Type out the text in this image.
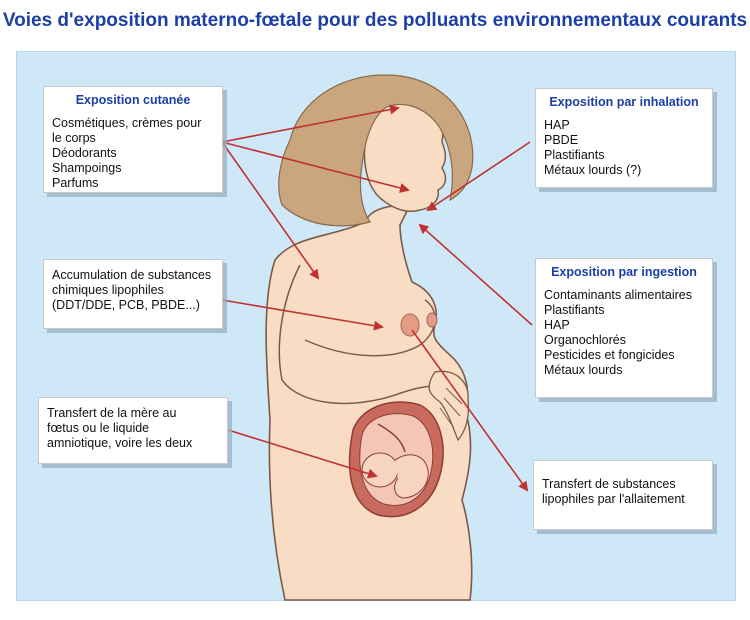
Voies d'exposition materno-fœtale pour des polluants environnementaux courants
Exposition cutanée
Cosmétiques, crèmes pour
le corps
Déodorants
Shampoings
Parfums
Exposition par inhalation
HAP
PBDE
Plastifiants
Métaux lourds (?)
Accumulation de substances
chimiques lipophiles
(DDT/DDE, PCB, PBDE...)
Exposition par ingestion
Contaminants alimentaires
Plastifiants
HAP
Organochlorés
Pesticides et fongicides
Métaux lourds
Transfert de la mère au
fœtus ou le liquide
amniotique, voire les deux
Transfert de substances
lipophiles par l'allaitement
